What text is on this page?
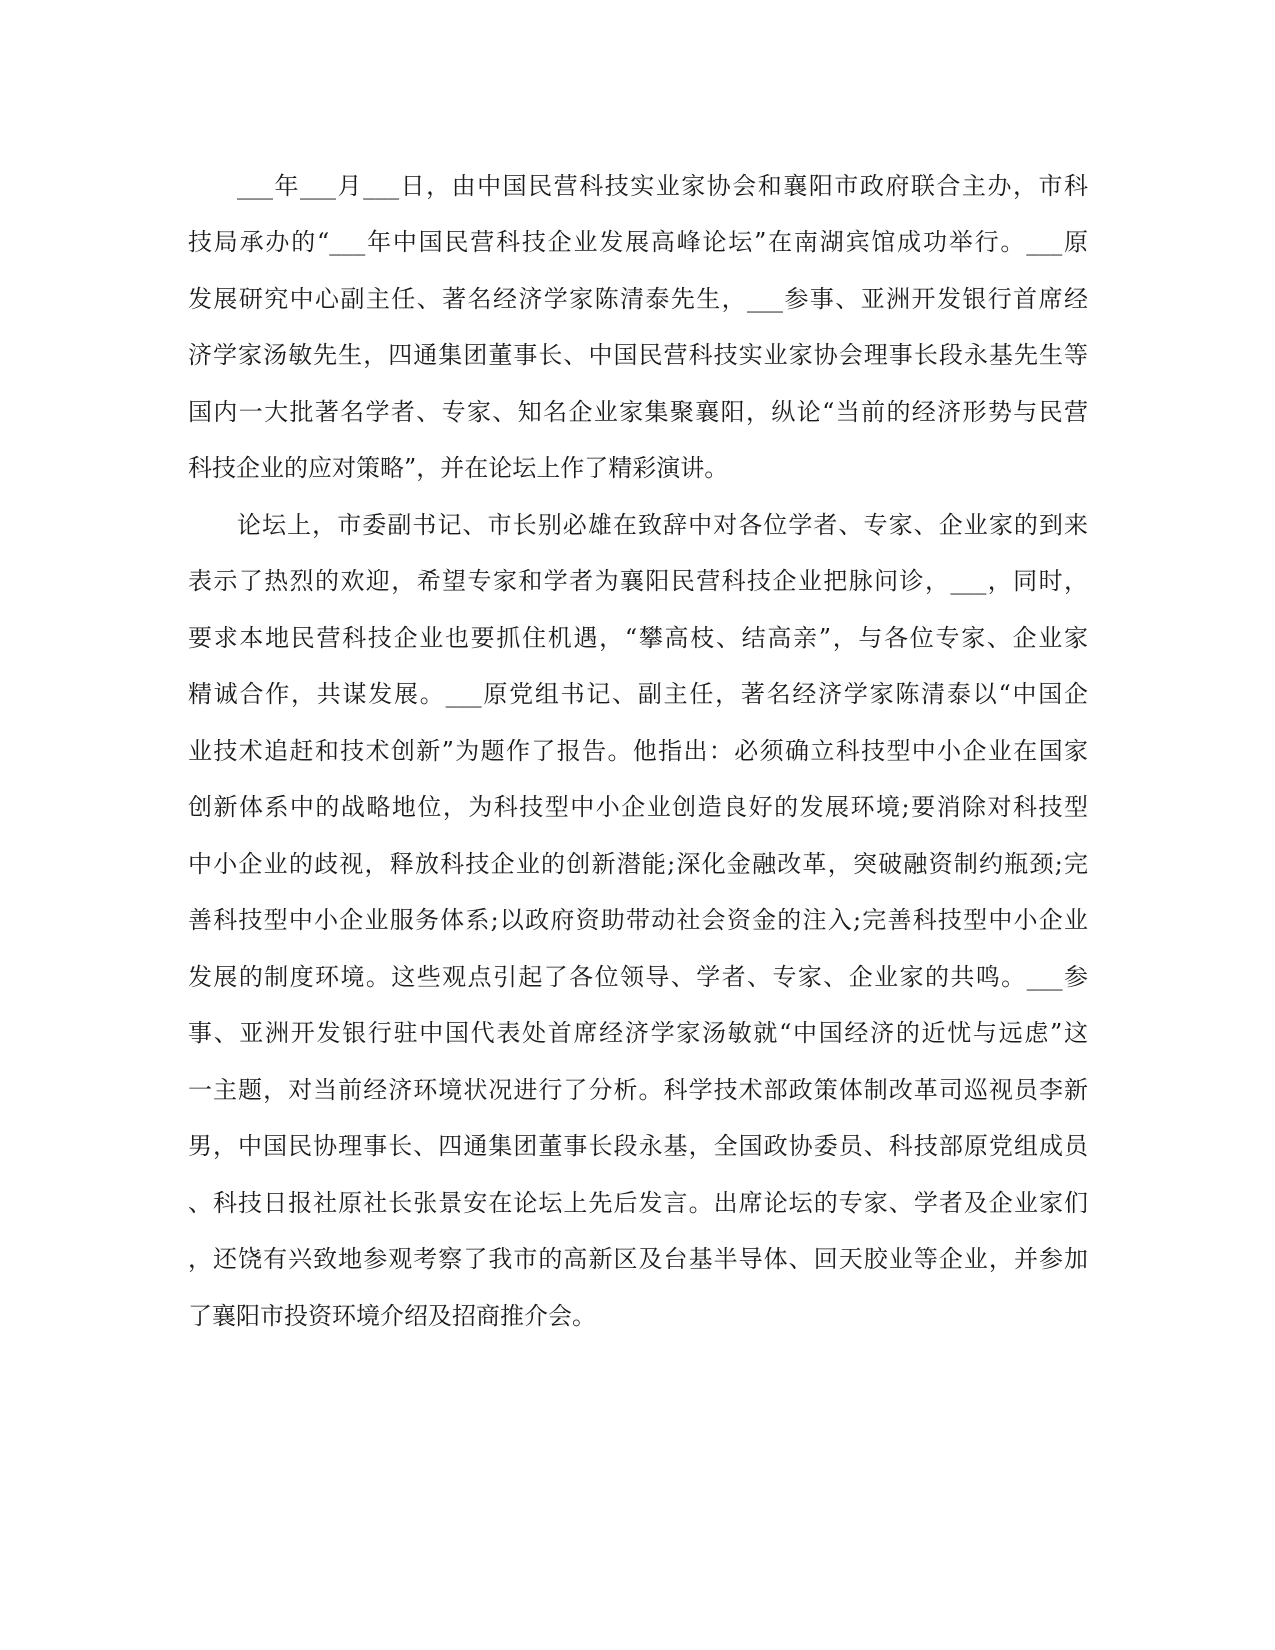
___年___月___日，由中国民营科技实业家协会和襄阳市政府联合主办，市科
技局承办的“___年中国民营科技企业发展高峰论坛”在南湖宾馆成功举行。___原
发展研究中心副主任、著名经济学家陈清泰先生，___参事、亚洲开发银行首席经
济学家汤敏先生，四通集团董事长、中国民营科技实业家协会理事长段永基先生等
国内一大批著名学者、专家、知名企业家集聚襄阳，纵论“当前的经济形势与民营
科技企业的应对策略”，并在论坛上作了精彩演讲。
论坛上，市委副书记、市长别必雄在致辞中对各位学者、专家、企业家的到来
表示了热烈的欢迎，希望专家和学者为襄阳民营科技企业把脉问诊，___，同时，
要求本地民营科技企业也要抓住机遇，“攀高枝、结高亲”，与各位专家、企业家
精诚合作，共谋发展。___原党组书记、副主任，著名经济学家陈清泰以“中国企
业技术追赶和技术创新”为题作了报告。他指出：必须确立科技型中小企业在国家
创新体系中的战略地位，为科技型中小企业创造良好的发展环境;要消除对科技型
中小企业的歧视，释放科技企业的创新潜能;深化金融改革，突破融资制约瓶颈;完
善科技型中小企业服务体系;以政府资助带动社会资金的注入;完善科技型中小企业
发展的制度环境。这些观点引起了各位领导、学者、专家、企业家的共鸣。___参
事、亚洲开发银行驻中国代表处首席经济学家汤敏就“中国经济的近忧与远虑”这
一主题，对当前经济环境状况进行了分析。科学技术部政策体制改革司巡视员李新
男，中国民协理事长、四通集团董事长段永基，全国政协委员、科技部原党组成员
、科技日报社原社长张景安在论坛上先后发言。出席论坛的专家、学者及企业家们
，还饶有兴致地参观考察了我市的高新区及台基半导体、回天胶业等企业，并参加
了襄阳市投资环境介绍及招商推介会。
